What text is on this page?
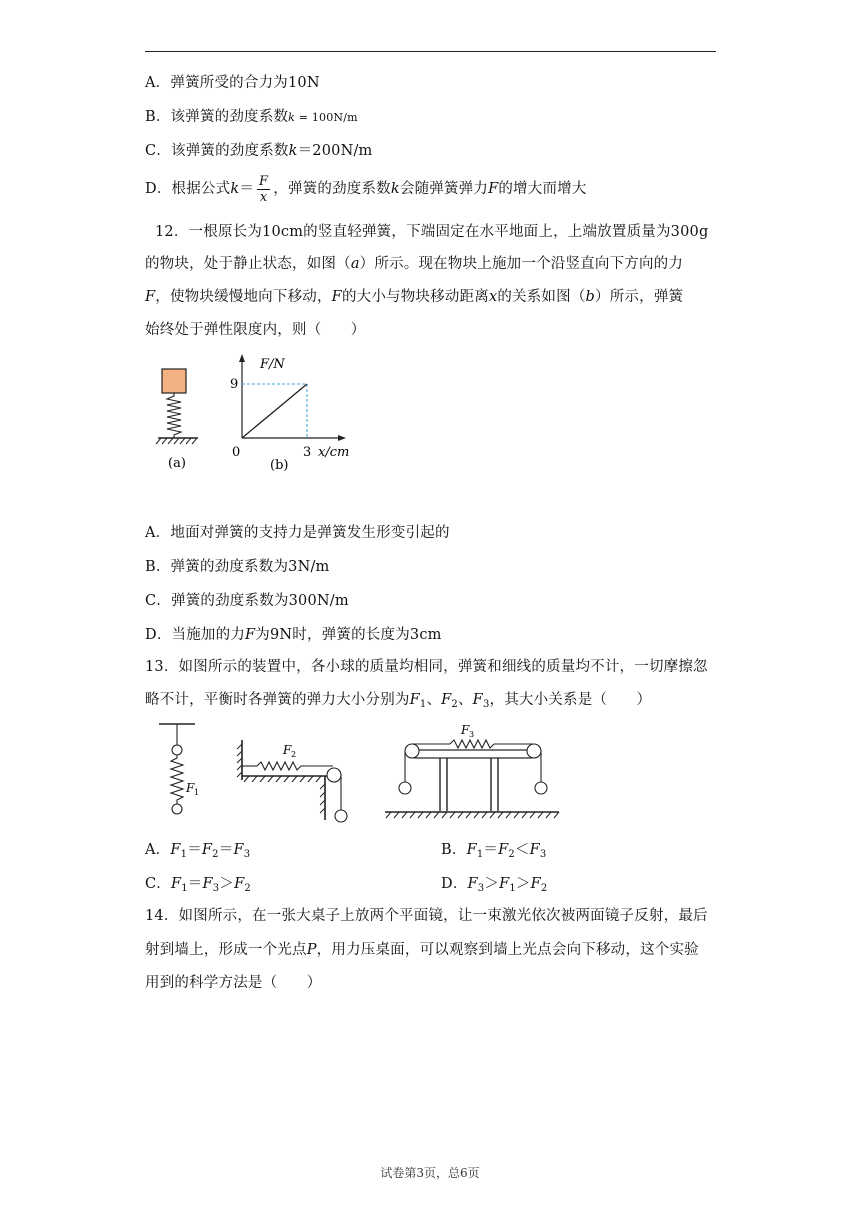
A．弹簧所受的合力为10N
B．该弹簧的劲度系数k = 100N/m
C．该弹簧的劲度系数k＝200N/m
D．根据公式$k= \frac{F}{x}$ ，弹簧的劲度系数k会随弹簧弹力F的增大而增大
12．一根原长为10cm的竖直轻弹簧，下端固定在水平地面上，上端放置质量为300g
的物块，处于静止状态，如图（a）所示。现在物块上施加一个沿竖直向下方向的力
F，使物块缓慢地向下移动，F的大小与物块移动距离x的关系如图（b）所示，弹簧
始终处于弹性限度内，则（　　）
(a)
F/N
9
0	3 x/cm
(b)
A．地面对弹簧的支持力是弹簧发生形变引起的
B．弹簧的劲度系数为3N/m
C．弹簧的劲度系数为300N/m
D．当施加的力F为9N时，弹簧的长度为3cm
13．如图所示的装置中，各小球的质量均相同，弹簧和细线的质量均不计，一切摩擦忽
略不计，平衡时各弹簧的弹力大小分别为$F_1$、$F_2$、$F_3$，其大小关系是（　　）
F 1
F 2
F 3
A．$F_1=F_2=F_3$	B．$F_1=F_2<F_3$
C．$F_1=F_3>F_2$	D．$F_3>F_1>F_2$
14．如图所示，在一张大桌子上放两个平面镜，让一束激光依次被两面镜子反射，最后
射到墙上，形成一个光点P，用力压桌面，可以观察到墙上光点会向下移动，这个实验
用到的科学方法是（　　）
试卷第3页，总6页
